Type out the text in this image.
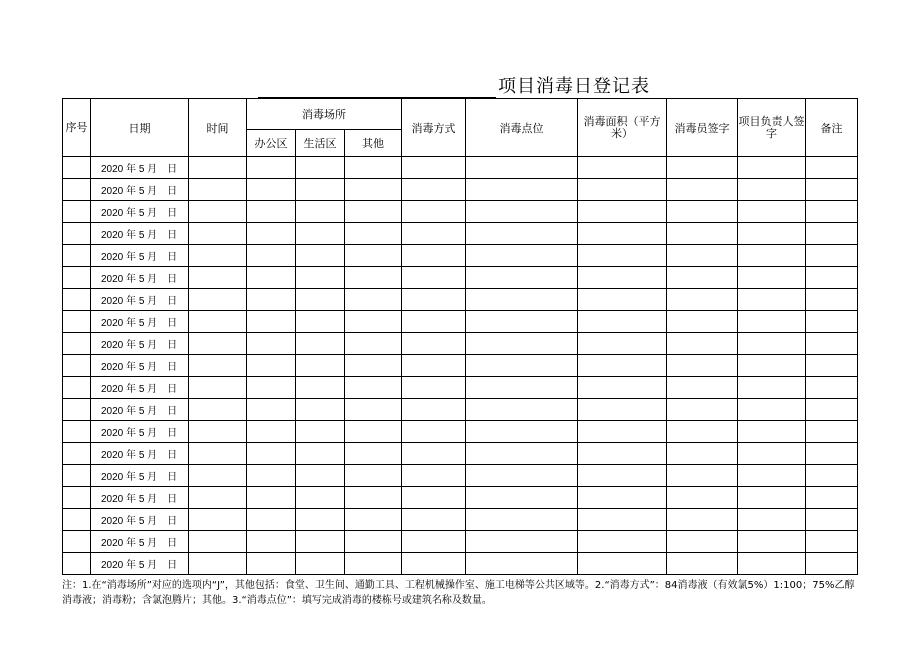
项目消毒日登记表
序号	日期	时间	消毒场所			消毒方式	消毒点位	消毒面积（平方米）	消毒员签字	项目负责人签字	备注
			办公区	生活区	其他						
	2020 年 5 月 日										
	2020 年 5 月 日										
	2020 年 5 月 日										
	2020 年 5 月 日										
	2020 年 5 月 日										
	2020 年 5 月 日										
	2020 年 5 月 日										
	2020 年 5 月 日										
	2020 年 5 月 日										
	2020 年 5 月 日										
	2020 年 5 月 日										
	2020 年 5 月 日										
	2020 年 5 月 日										
	2020 年 5 月 日										
	2020 年 5 月 日										
	2020 年 5 月 日										
	2020 年 5 月 日										
	2020 年 5 月 日										
	2020 年 5 月 日										
注：1.在“消毒场所”对应的选项内“J”，其他包括：食堂、卫生间、通勤工具、工程机械操作室、施工电梯等公共区域等。2.“消毒方式”：84消毒液（有效氯5%）1:100；75%乙醇消毒液；消毒粉；含氯泡腾片；其他。3.“消毒点位”：填写完成消毒的楼栋号或建筑名称及数量。
